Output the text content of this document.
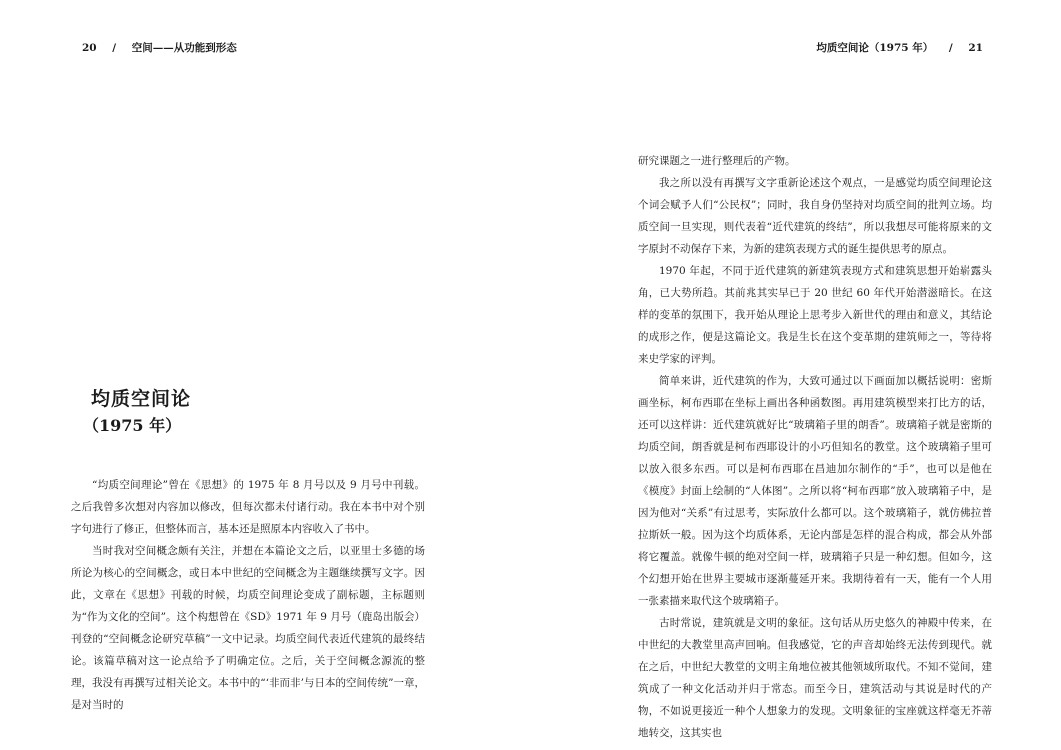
20 / 空间——从功能到形态	均质空间论（1975 年） / 21
均质空间论
（1975 年）

“均质空间理论”曾在《思想》的 1975 年 8 月号以及 9 月号中刊载。之后我曾多次想对内容加以修改，但每次都未付诸行动。我在本书中对个别字句进行了修正，但整体而言，基本还是照原本内容收入了书中。

当时我对空间概念颇有关注，并想在本篇论文之后，以亚里士多德的场所论为核心的空间概念，或日本中世纪的空间概念为主题继续撰写文字。因此，文章在《思想》刊载的时候，均质空间理论变成了副标题，主标题则为“作为文化的空间”。这个构想曾在《SD》1971 年 9 月号（鹿岛出版会）刊登的“空间概念论研究草稿”一文中记录。均质空间代表近代建筑的最终结论。该篇草稿对这一论点给予了明确定位。之后，关于空间概念源流的整理，我没有再撰写过相关论文。本书中的“‘非而非’与日本的空间传统”一章，是对当时的

研究课题之一进行整理后的产物。

我之所以没有再撰写文字重新论述这个观点，一是感觉均质空间理论这个词会赋予人们“公民权”；同时，我自身仍坚持对均质空间的批判立场。均质空间一旦实现，则代表着“近代建筑的终结”，所以我想尽可能将原来的文字原封不动保存下来，为新的建筑表现方式的诞生提供思考的原点。

1970 年起，不同于近代建筑的新建筑表现方式和建筑思想开始崭露头角，已大势所趋。其前兆其实早已于 20 世纪 60 年代开始潜滋暗长。在这样的变革的氛围下，我开始从理论上思考步入新世代的理由和意义，其结论的成形之作，便是这篇论文。我是生长在这个变革期的建筑师之一，等待将来史学家的评判。

简单来讲，近代建筑的作为，大致可通过以下画面加以概括说明：密斯画坐标，柯布西耶在坐标上画出各种函数图。再用建筑模型来打比方的话，还可以这样讲：近代建筑就好比“玻璃箱子里的朗香”。玻璃箱子就是密斯的均质空间，朗香就是柯布西耶设计的小巧但知名的教堂。这个玻璃箱子里可以放入很多东西。可以是柯布西耶在昌迪加尔制作的“手”，也可以是他在《模度》封面上绘制的“人体图”。之所以将“柯布西耶”放入玻璃箱子中，是因为他对“关系”有过思考，实际放什么都可以。这个玻璃箱子，就仿佛拉普拉斯妖一般。因为这个均质体系，无论内部是怎样的混合构成，都会从外部将它覆盖。就像牛顿的绝对空间一样，玻璃箱子只是一种幻想。但如今，这个幻想开始在世界主要城市逐渐蔓延开来。我期待着有一天，能有一个人用一张素描来取代这个玻璃箱子。

古时常说，建筑就是文明的象征。这句话从历史悠久的神殿中传来，在中世纪的大教堂里高声回响。但我感觉，它的声音却始终无法传到现代。就在之后，中世纪大教堂的文明主角地位被其他领域所取代。不知不觉间，建筑成了一种文化活动并归于常态。而至今日，建筑活动与其说是时代的产物，不如说更接近一种个人想象力的发现。文明象征的宝座就这样毫无芥蒂地转交，这其实也
